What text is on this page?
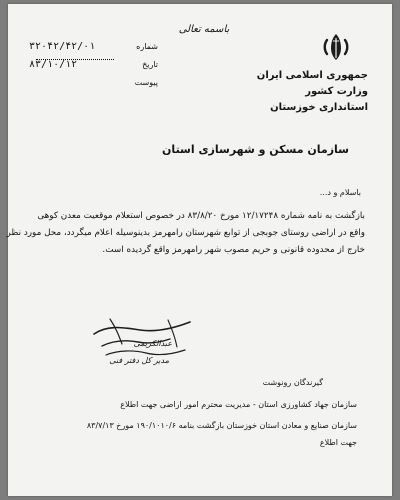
جمهوری اسلامی ایران
وزارت کشور
استانداری خوزستان
باسمه تعالی
۳۲۰۴۲/۴۲/۰۱	شماره
۸۳/۱۰/۱۲	تاریخ
پیوست
سازمان مسکن و شهرسازی استان
باسلام و د...
بازگشت به نامه شماره ۱۲/۱۷۲۴۸ مورخ ۸۳/۸/۲۰ در خصوص استعلام موقعیت معدن کوهی
واقع در اراضی روستای جوبجی از توابع شهرستان رامهرمز بدینوسیله اعلام میگردد، محل مورد نظر
خارج از محدوده قانونی و حریم مصوب شهر رامهرمز واقع گردیده است.
عبدالکریمی
مدیر کل دفتر فنی
گیرندگان رونوشت
سازمان جهاد کشاورزی استان - مدیریت محترم امور اراضی جهت اطلاع
سازمان صنایع و معادن استان خوزستان بازگشت بنامه ۱۹۰/۱۰۱۰/۶ مورخ ۸۳/۷/۱۳
جهت اطلاع
